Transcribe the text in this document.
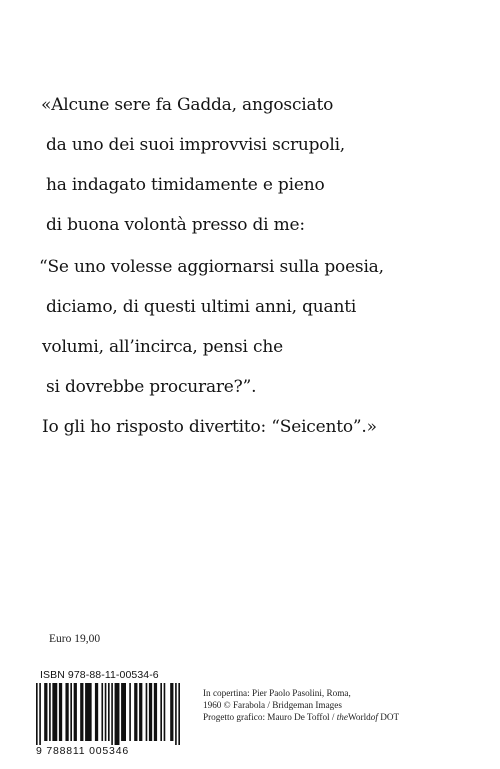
«Alcune sere fa Gadda, angosciato
da uno dei suoi improvvisi scrupoli,
ha indagato timidamente e pieno
di buona volontà presso di me:
“Se uno volesse aggiornarsi sulla poesia,
diciamo, di questi ultimi anni, quanti
volumi, all’incirca, pensi che
si dovrebbe procurare?”.
Io gli ho risposto divertito: “Seicento”.»
Euro 19,00
ISBN 978-88-11-00534-6
9 788811 005346
In copertina: Pier Paolo Pasolini, Roma,
1960 © Farabola / Bridgeman Images
Progetto grafico: Mauro De Toffol / theWorldof DOT
